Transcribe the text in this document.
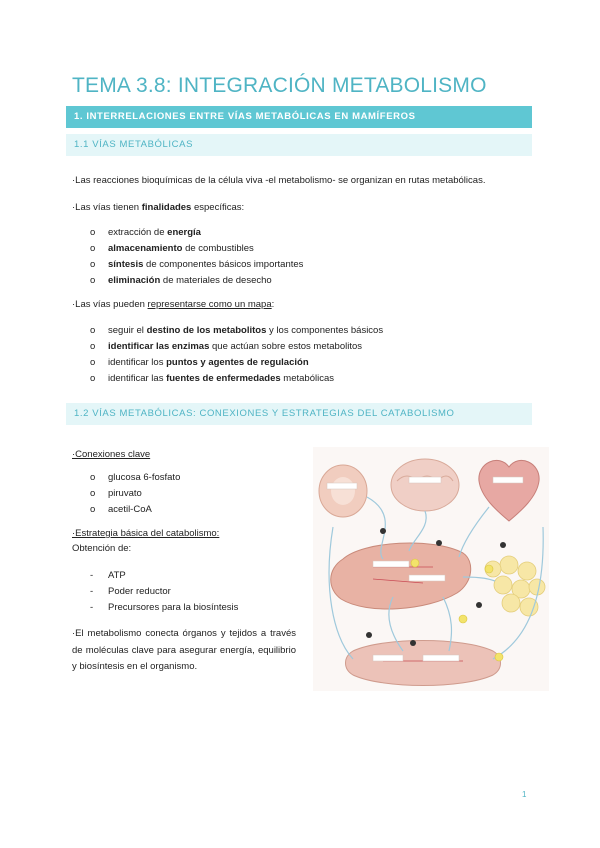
TEMA 3.8: INTEGRACIÓN METABOLISMO
1. INTERRELACIONES ENTRE VÍAS METABÓLICAS EN MAMÍFEROS
1.1 VÍAS METABÓLICAS
·Las reacciones bioquímicas de la célula viva -el metabolismo- se organizan en rutas metabólicas.
·Las vías tienen finalidades específicas:
o extracción de energía
o almacenamiento de combustibles
o síntesis de componentes básicos importantes
o eliminación de materiales de desecho
·Las vías pueden representarse como un mapa:
o seguir el destino de los metabolitos y los componentes básicos
o identificar las enzimas que actúan sobre estos metabolitos
o identificar los puntos y agentes de regulación
o identificar las fuentes de enfermedades metabólicas
1.2 VÍAS METABÓLICAS: CONEXIONES Y ESTRATEGIAS DEL CATABOLISMO
·Conexiones clave
o glucosa 6-fosfato
o piruvato
o acetil-CoA
·Estrategia básica del catabolismo:
Obtención de:
- ATP
- Poder reductor
- Precursores para la biosíntesis
·El metabolismo conecta órganos y tejidos a través de moléculas clave para asegurar energía, equilibrio y biosíntesis en el organismo.
1
